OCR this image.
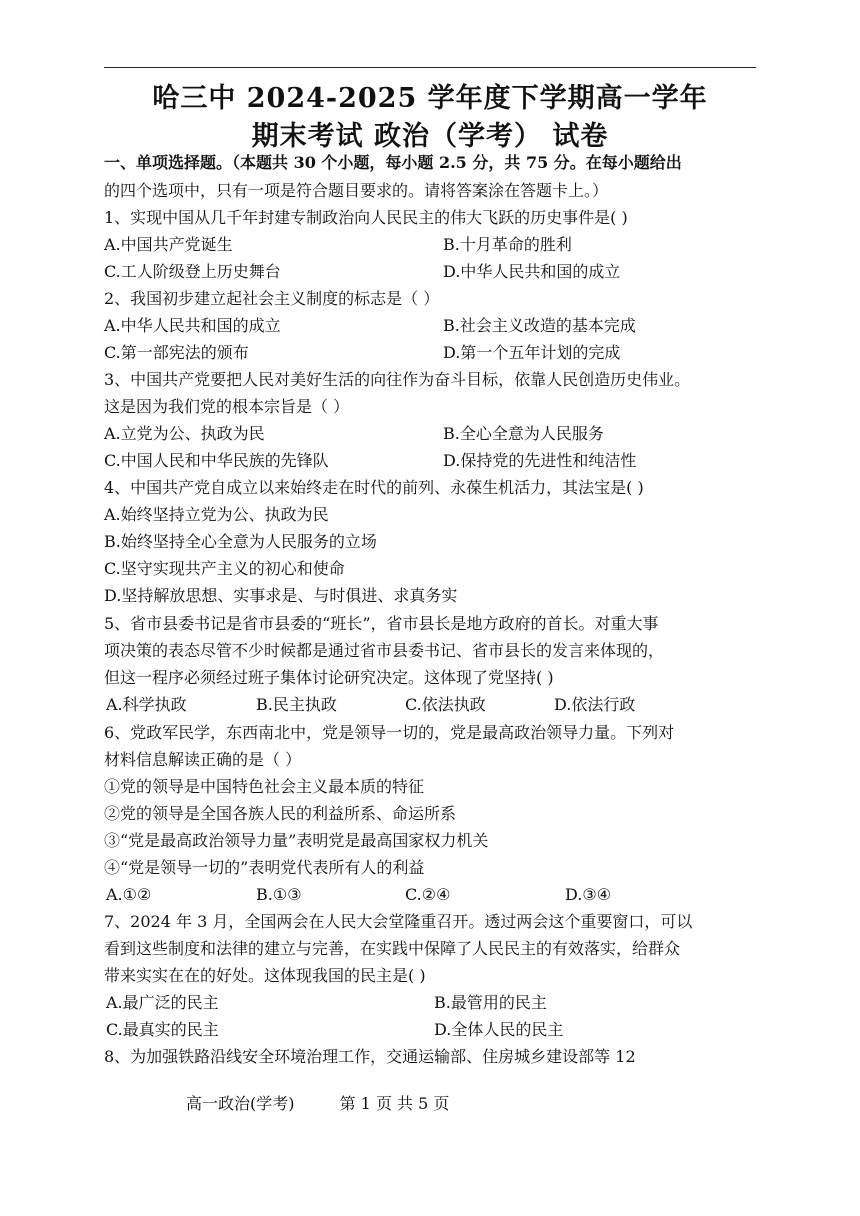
哈三中 2024-2025 学年度下学期高一学年
期末考试 政治（学考） 试卷
一、单项选择题。（本题共 30 个小题，每小题 2.5 分，共 75 分。在每小题给出
的四个选项中，只有一项是符合题目要求的。请将答案涂在答题卡上。）
1、实现中国从几千年封建专制政治向人民民主的伟大飞跃的历史事件是( )
A.中国共产党诞生	B.十月革命的胜利
C.工人阶级登上历史舞台	D.中华人民共和国的成立
2、我国初步建立起社会主义制度的标志是（ ）
A.中华人民共和国的成立	B.社会主义改造的基本完成
C.第一部宪法的颁布	D.第一个五年计划的完成
3、中国共产党要把人民对美好生活的向往作为奋斗目标，依靠人民创造历史伟业。
这是因为我们党的根本宗旨是（ ）
A.立党为公、执政为民	B.全心全意为人民服务
C.中国人民和中华民族的先锋队	D.保持党的先进性和纯洁性
4、中国共产党自成立以来始终走在时代的前列、永葆生机活力，其法宝是( )
A.始终坚持立党为公、执政为民
B.始终坚持全心全意为人民服务的立场
C.坚守实现共产主义的初心和使命
D.坚持解放思想、实事求是、与时俱进、求真务实
5、省市县委书记是省市县委的“班长”，省市县长是地方政府的首长。对重大事
项决策的表态尽管不少时候都是通过省市县委书记、省市县长的发言来体现的，
但这一程序必须经过班子集体讨论研究决定。这体现了党坚持( )
A.科学执政	B.民主执政	C.依法执政	D.依法行政
6、党政军民学，东西南北中，党是领导一切的，党是最高政治领导力量。下列对
材料信息解读正确的是（ ）
①党的领导是中国特色社会主义最本质的特征
②党的领导是全国各族人民的利益所系、命运所系
③“党是最高政治领导力量”表明党是最高国家权力机关
④“党是领导一切的”表明党代表所有人的利益
A.①②	B.①③	C.②④	D.③④
7、2024 年 3 月，全国两会在人民大会堂隆重召开。透过两会这个重要窗口，可以
看到这些制度和法律的建立与完善，在实践中保障了人民民主的有效落实，给群众
带来实实在在的好处。这体现我国的民主是( )
A.最广泛的民主	B.最管用的民主
C.最真实的民主	D.全体人民的民主
8、为加强铁路沿线安全环境治理工作，交通运输部、住房城乡建设部等 12
高一政治(学考)	第 1 页 共 5 页
